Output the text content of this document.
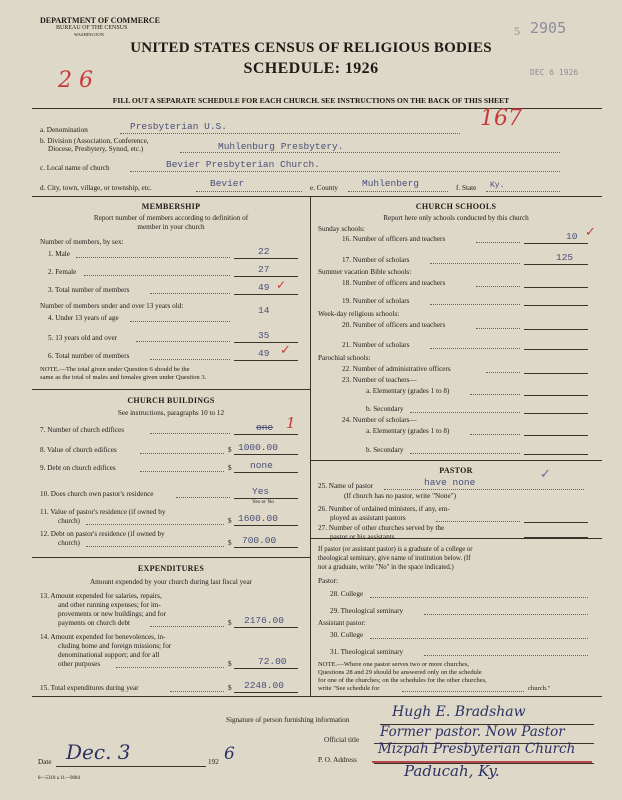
DEPARTMENT OF COMMERCE
BUREAU OF THE CENSUS
WASHINGTON	2905
5
UNITED STATES CENSUS OF RELIGIOUS BODIES
SCHEDULE: 1926
2 6	DEC 6 1926
FILL OUT A SEPARATE SCHEDULE FOR EACH CHURCH. SEE INSTRUCTIONS ON THE BACK OF THIS SHEET
167
a. Denomination	Presbyterian U.S.
b. Division (Association, Conference,
Diocese, Presbytery, Synod, etc.)	Muhlenburg Presbytery.
c. Local name of church	Bevier Presbyterian Church.
d. City, town, village, or township, etc.	Bevier	e. County	Muhlenberg	f. State Ky.
MEMBERSHIP
Report number of members according to definition of
member in your church
Number of members, by sex:
1. Male	22
2. Female	27
3. Total number of members	49 ✓
Number of members under and over 13 years old:
4. Under 13 years of age
14
5. 13 years old and over	35
6. Total number of members	49 ✓
NOTE.—The total given under Question 6 should be the
same as the total of males and females given under Question 3.
CHURCH BUILDINGS
See instructions, paragraphs 10 to 12
7. Number of church edifices	one 1
8. Value of church edifices	$ 1000.00
9. Debt on church edifices	$ none
10. Does church own pastor's residence	Yes
Yes or No
11. Value of pastor's residence (if owned by
church)	$ 1600.00
12. Debt on pastor's residence (if owned by
church)	$ 700.00
EXPENDITURES
Amount expended by your church during last fiscal year
13. Amount expended for salaries, repairs,
and other running expenses; for im-
provements or new buildings; and for
payments on church debt	$ 2176.00
14. Amount expended for benevolences, in-
cluding home and foreign missions; for
denominational support; and for all
other purposes	$	72.00
15. Total expenditures during year	$ 2248.00
CHURCH SCHOOLS
Report here only schools conducted by this church
Sunday schools:
16. Number of officers and teachers	10 ✓
17. Number of scholars	125
Summer vacation Bible schools:
18. Number of officers and teachers
19. Number of scholars
Week-day religious schools:
20. Number of officers and teachers
21. Number of scholars
Parochial schools:
22. Number of administrative officers
23. Number of teachers—
a. Elementary (grades 1 to 8)
b. Secondary
24. Number of scholars—
a. Elementary (grades 1 to 8)
b. Secondary
PASTOR
25. Name of pastor	have none
✓
(If church has no pastor, write "None")
26. Number of ordained ministers, if any, em-
ployed as assistant pastors
27. Number of other churches served by the
pastor or his assistants
If pastor (or assistant pastor) is a graduate of a college or
theological seminary, give name of institution below. (If
not a graduate, write "No" in the space indicated.)
Pastor:
28. College
29. Theological seminary
Assistant pastor:
30. College
31. Theological seminary
NOTE.—Where one pastor serves two or more churches,
Questions 28 and 29 should be answered only on the schedule
for one of the churches; on the schedules for the other churches,
write "See schedule for	church."
Signature of person furnishing information	Hugh E. Bradshaw
Official title Former pastor. Now Pastor
Date Dec. 3	192 6	P. O. Address
Mizpah Presbyterian Church
Paducah, Ky.
8—5318 a 11—9084
